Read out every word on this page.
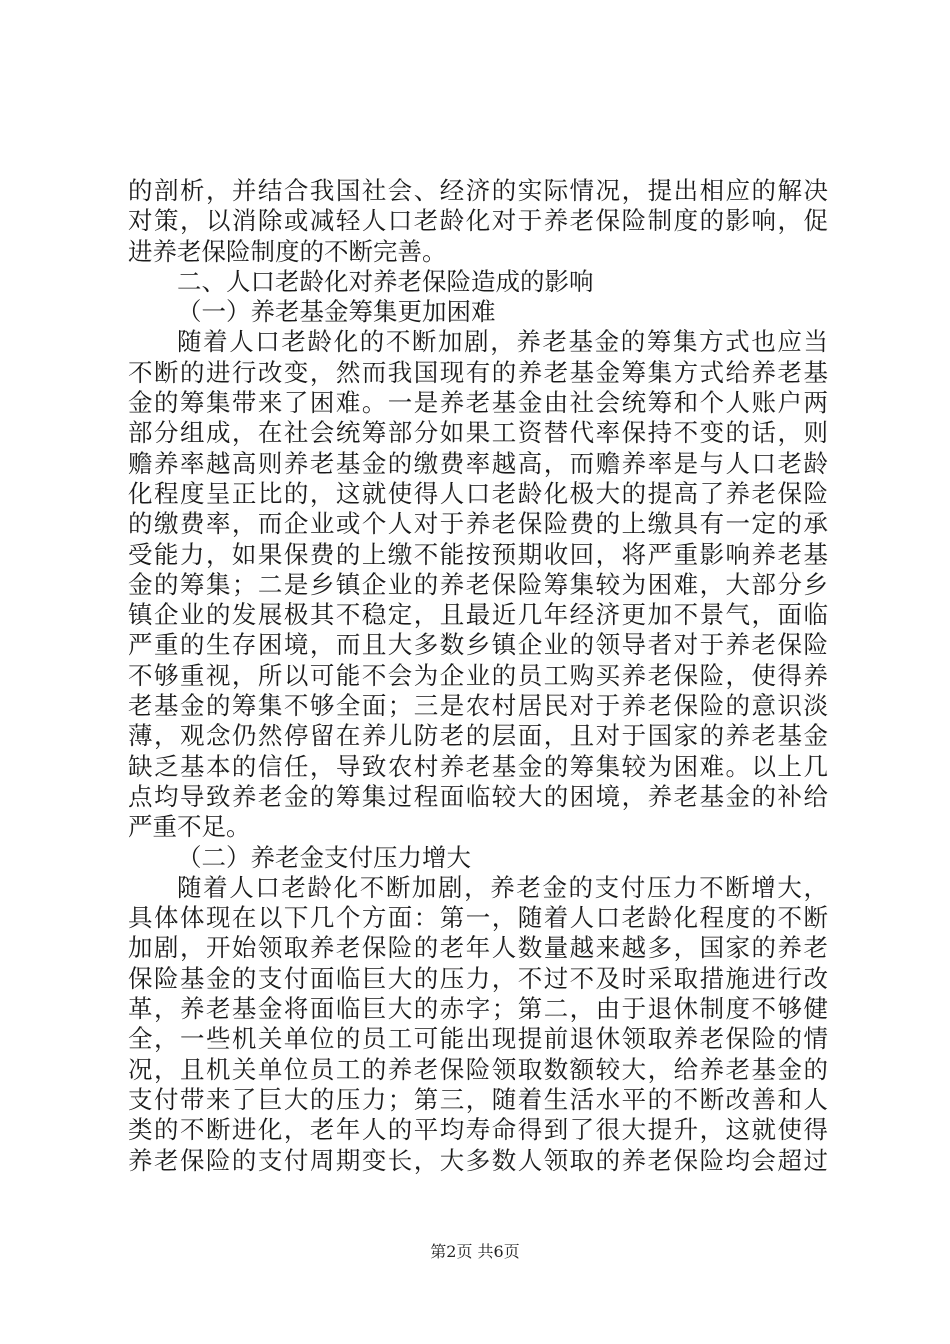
的剖析，并结合我国社会、经济的实际情况，提出相应的解决
对策，以消除或减轻人口老龄化对于养老保险制度的影响，促
进养老保险制度的不断完善。
二、人口老龄化对养老保险造成的影响
（一）养老基金筹集更加困难
随着人口老龄化的不断加剧，养老基金的筹集方式也应当
不断的进行改变，然而我国现有的养老基金筹集方式给养老基
金的筹集带来了困难。一是养老基金由社会统筹和个人账户两
部分组成，在社会统筹部分如果工资替代率保持不变的话，则
赡养率越高则养老基金的缴费率越高，而赡养率是与人口老龄
化程度呈正比的，这就使得人口老龄化极大的提高了养老保险
的缴费率，而企业或个人对于养老保险费的上缴具有一定的承
受能力，如果保费的上缴不能按预期收回，将严重影响养老基
金的筹集；二是乡镇企业的养老保险筹集较为困难，大部分乡
镇企业的发展极其不稳定，且最近几年经济更加不景气，面临
严重的生存困境，而且大多数乡镇企业的领导者对于养老保险
不够重视，所以可能不会为企业的员工购买养老保险，使得养
老基金的筹集不够全面；三是农村居民对于养老保险的意识淡
薄，观念仍然停留在养儿防老的层面，且对于国家的养老基金
缺乏基本的信任，导致农村养老基金的筹集较为困难。以上几
点均导致养老金的筹集过程面临较大的困境，养老基金的补给
严重不足。
（二）养老金支付压力增大
随着人口老龄化不断加剧，养老金的支付压力不断增大，
具体体现在以下几个方面：第一，随着人口老龄化程度的不断
加剧，开始领取养老保险的老年人数量越来越多，国家的养老
保险基金的支付面临巨大的压力，不过不及时采取措施进行改
革，养老基金将面临巨大的赤字；第二，由于退休制度不够健
全，一些机关单位的员工可能出现提前退休领取养老保险的情
况，且机关单位员工的养老保险领取数额较大，给养老基金的
支付带来了巨大的压力；第三，随着生活水平的不断改善和人
类的不断进化，老年人的平均寿命得到了很大提升，这就使得
养老保险的支付周期变长，大多数人领取的养老保险均会超过
第2页 共6页
